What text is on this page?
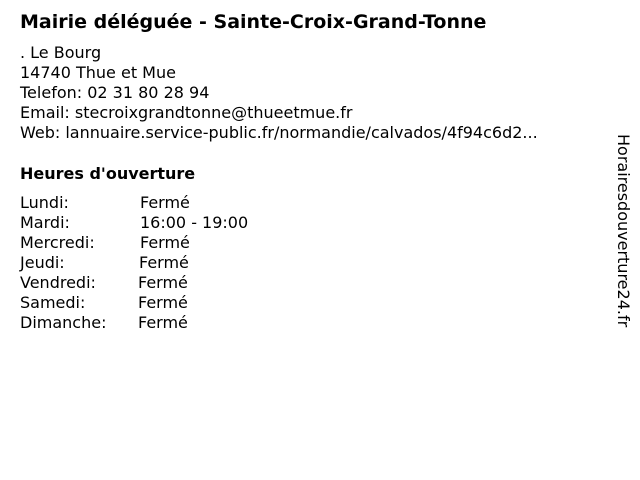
Mairie déléguée - Sainte-Croix-Grand-Tonne
. Le Bourg
14740 Thue et Mue
Telefon: 02 31 80 28 94
Email: stecroixgrandtonne@thueetmue.fr
Web: lannuaire.service-public.fr/normandie/calvados/4f94c6d2...
Heures d'ouverture
Lundi:	Fermé
Mardi:	16:00 - 19:00
Mercredi:	Fermé
Jeudi:	Fermé
Vendredi:	Fermé
Samedi:	Fermé
Dimanche: Fermé	Horairesdouverture24.fr
